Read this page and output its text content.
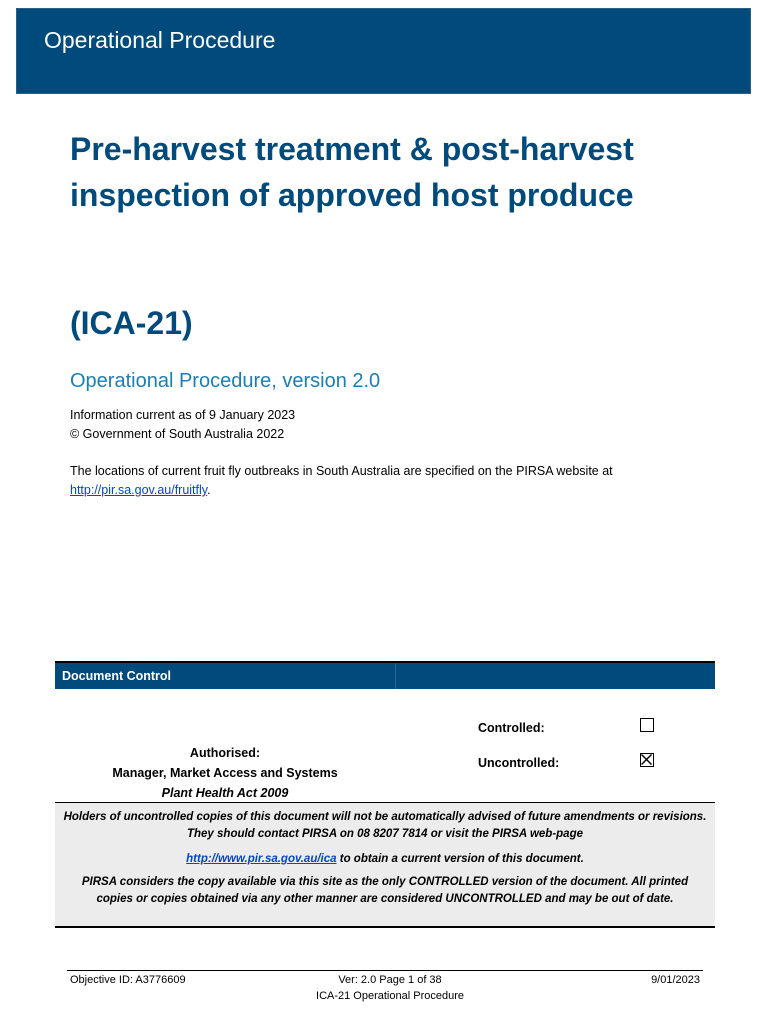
Operational Procedure
Pre-harvest treatment & post-harvest inspection of approved host produce
(ICA-21)
Operational Procedure, version 2.0
Information current as of 9 January 2023
© Government of South Australia 2022
The locations of current fruit fly outbreaks in South Australia are specified on the PIRSA website at http://pir.sa.gov.au/fruitfly.
Document Control
Authorised:
Manager, Market Access and Systems
Plant Health Act 2009
Controlled:
Uncontrolled:

Holders of uncontrolled copies of this document will not be automatically advised of future amendments or revisions. They should contact PIRSA on 08 8207 7814 or visit the PIRSA web-page

http://www.pir.sa.gov.au/ica to obtain a current version of this document.

PIRSA considers the copy available via this site as the only CONTROLLED version of the document. All printed copies or copies obtained via any other manner are considered UNCONTROLLED and may be out of date.

Objective ID: A3776609	Ver: 2.0 Page 1 of 38
ICA-21 Operational Procedure
9/01/2023
